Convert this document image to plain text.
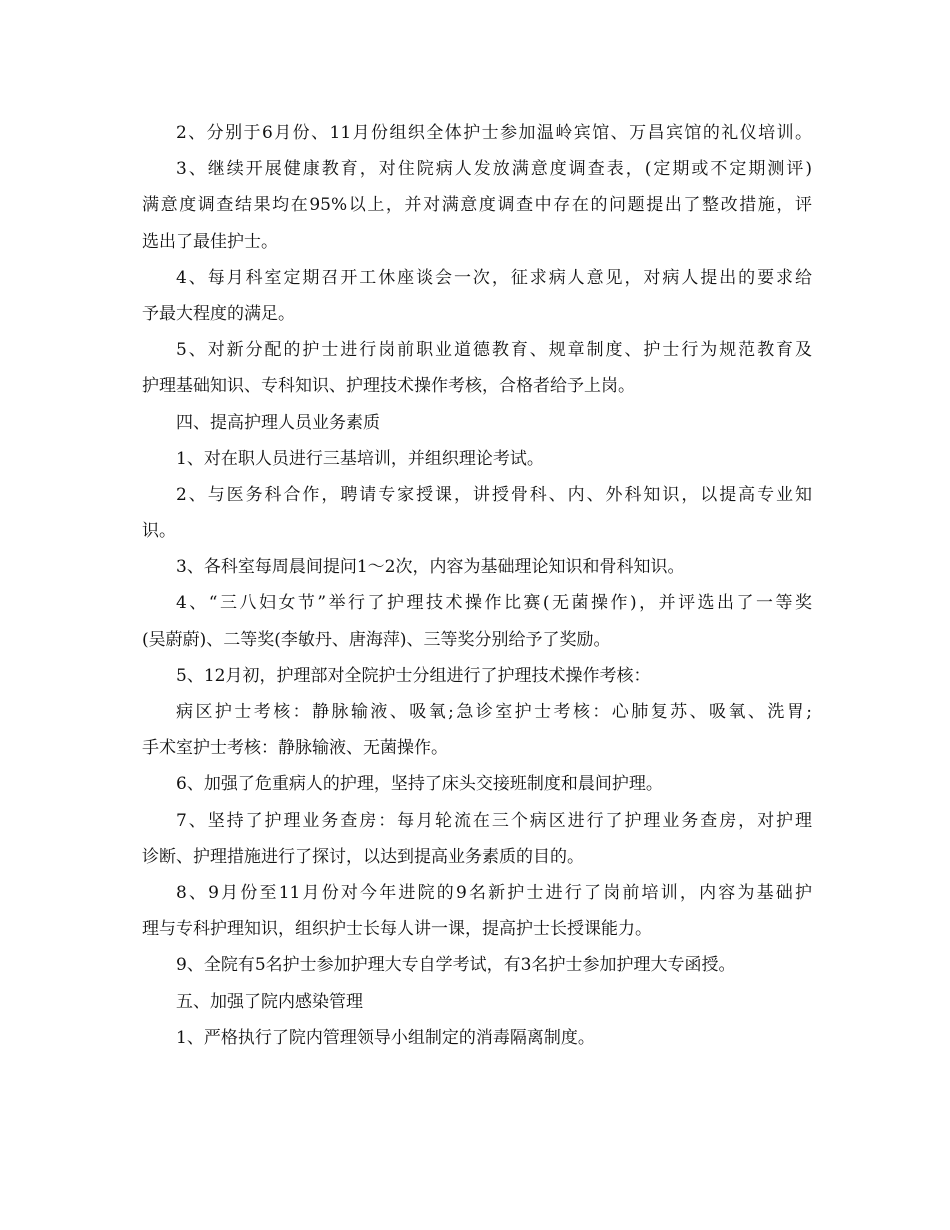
2、分别于6月份、11月份组织全体护士参加温岭宾馆、万昌宾馆的礼仪培训。
3、继续开展健康教育，对住院病人发放满意度调查表，(定期或不定期测评)
满意度调查结果均在95%以上，并对满意度调查中存在的问题提出了整改措施，评
选出了最佳护士。
4、每月科室定期召开工休座谈会一次，征求病人意见，对病人提出的要求给
予最大程度的满足。
5、对新分配的护士进行岗前职业道德教育、规章制度、护士行为规范教育及
护理基础知识、专科知识、护理技术操作考核，合格者给予上岗。
四、提高护理人员业务素质
1、对在职人员进行三基培训，并组织理论考试。
2、与医务科合作，聘请专家授课，讲授骨科、内、外科知识，以提高专业知
识。
3、各科室每周晨间提问1～2次，内容为基础理论知识和骨科知识。
4、“三八妇女节”举行了护理技术操作比赛(无菌操作)，并评选出了一等奖
(吴蔚蔚)、二等奖(李敏丹、唐海萍)、三等奖分别给予了奖励。
5、12月初，护理部对全院护士分组进行了护理技术操作考核：
病区护士考核：静脉输液、吸氧;急诊室护士考核：心肺复苏、吸氧、洗胃;
手术室护士考核：静脉输液、无菌操作。
6、加强了危重病人的护理，坚持了床头交接班制度和晨间护理。
7、坚持了护理业务查房：每月轮流在三个病区进行了护理业务查房，对护理
诊断、护理措施进行了探讨，以达到提高业务素质的目的。
8、9月份至11月份对今年进院的9名新护士进行了岗前培训，内容为基础护
理与专科护理知识，组织护士长每人讲一课，提高护士长授课能力。
9、全院有5名护士参加护理大专自学考试，有3名护士参加护理大专函授。
五、加强了院内感染管理
1、严格执行了院内管理领导小组制定的消毒隔离制度。
